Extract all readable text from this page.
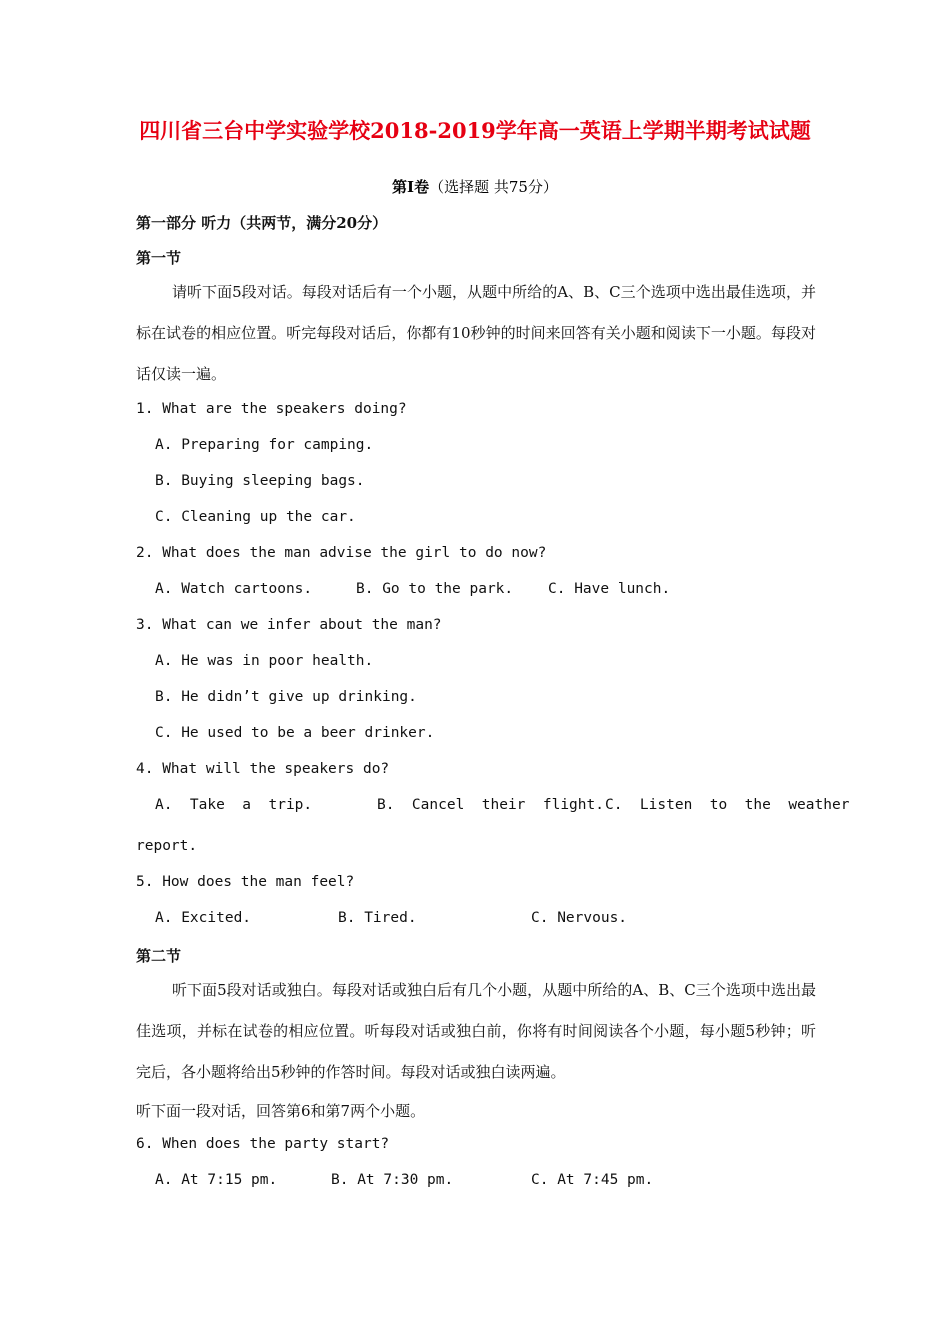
四川省三台中学实验学校2018-2019学年高一英语上学期半期考试试题
第Ⅰ卷（选择题 共75分）
第一部分 听力（共两节，满分20分）
第一节
请听下面5段对话。每段对话后有一个小题，从题中所给的A、B、C三个选项中选出最佳选项，并标在试卷的相应位置。听完每段对话后，你都有10秒钟的时间来回答有关小题和阅读下一小题。每段对话仅读一遍。
1. What are the speakers doing?
A. Preparing for camping.
B. Buying sleeping bags.
C. Cleaning up the car.
2. What does the man advise the girl to do now?
A. Watch cartoons.	B. Go to the park. C. Have lunch.
3. What can we infer about the man?
A. He was in poor health.
B. He didn’t give up drinking.
C. He used to be a beer drinker.
4. What will the speakers do?
A.  Take  a  trip.	B.  Cancel  their  flight. C.  Listen  to  the  weather
report.
5. How does the man feel?
A. Excited.	B. Tired.	C. Nervous.
第二节
听下面5段对话或独白。每段对话或独白后有几个小题，从题中所给的A、B、C三个选项中选出最佳选项，并标在试卷的相应位置。听每段对话或独白前，你将有时间阅读各个小题，每小题5秒钟；听完后，各小题将给出5秒钟的作答时间。每段对话或独白读两遍。
听下面一段对话，回答第6和第7两个小题。
6. When does the party start?
A. At 7:15 pm.	B. At 7:30 pm.	C. At 7:45 pm.
